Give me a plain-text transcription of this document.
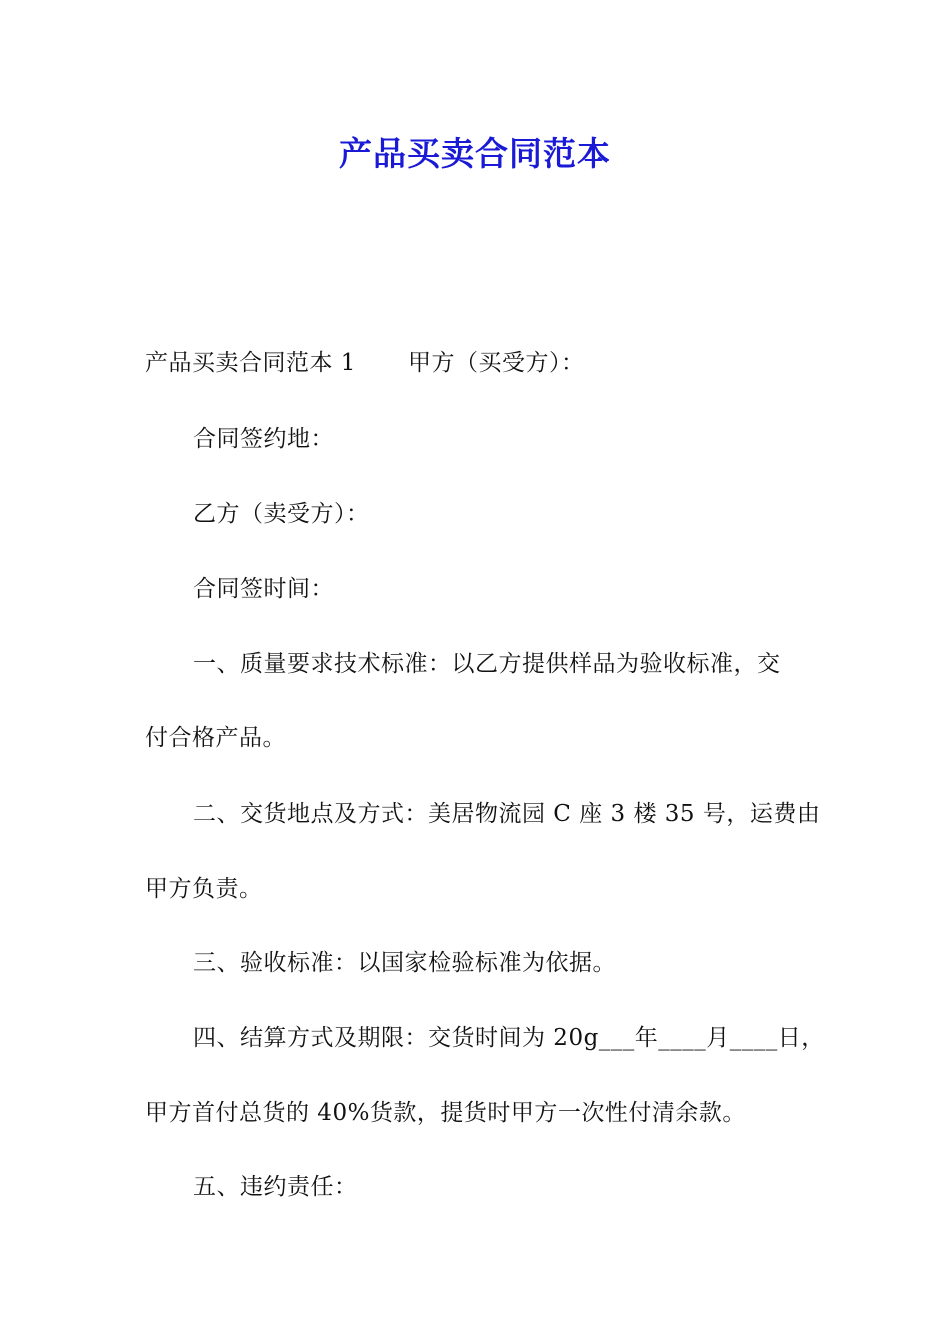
产品买卖合同范本
产品买卖合同范本 1 甲方（买受方）：
合同签约地：
乙方（卖受方）：
合同签时间：
一、质量要求技术标准：以乙方提供样品为验收标准，交
付合格产品。
二、交货地点及方式：美居物流园 C 座 3 楼 35 号，运费由
甲方负责。
三、验收标准：以国家检验标准为依据。
四、结算方式及期限：交货时间为 20g___年____月____日，
甲方首付总货的 40%货款，提货时甲方一次性付清余款。
五、违约责任：
